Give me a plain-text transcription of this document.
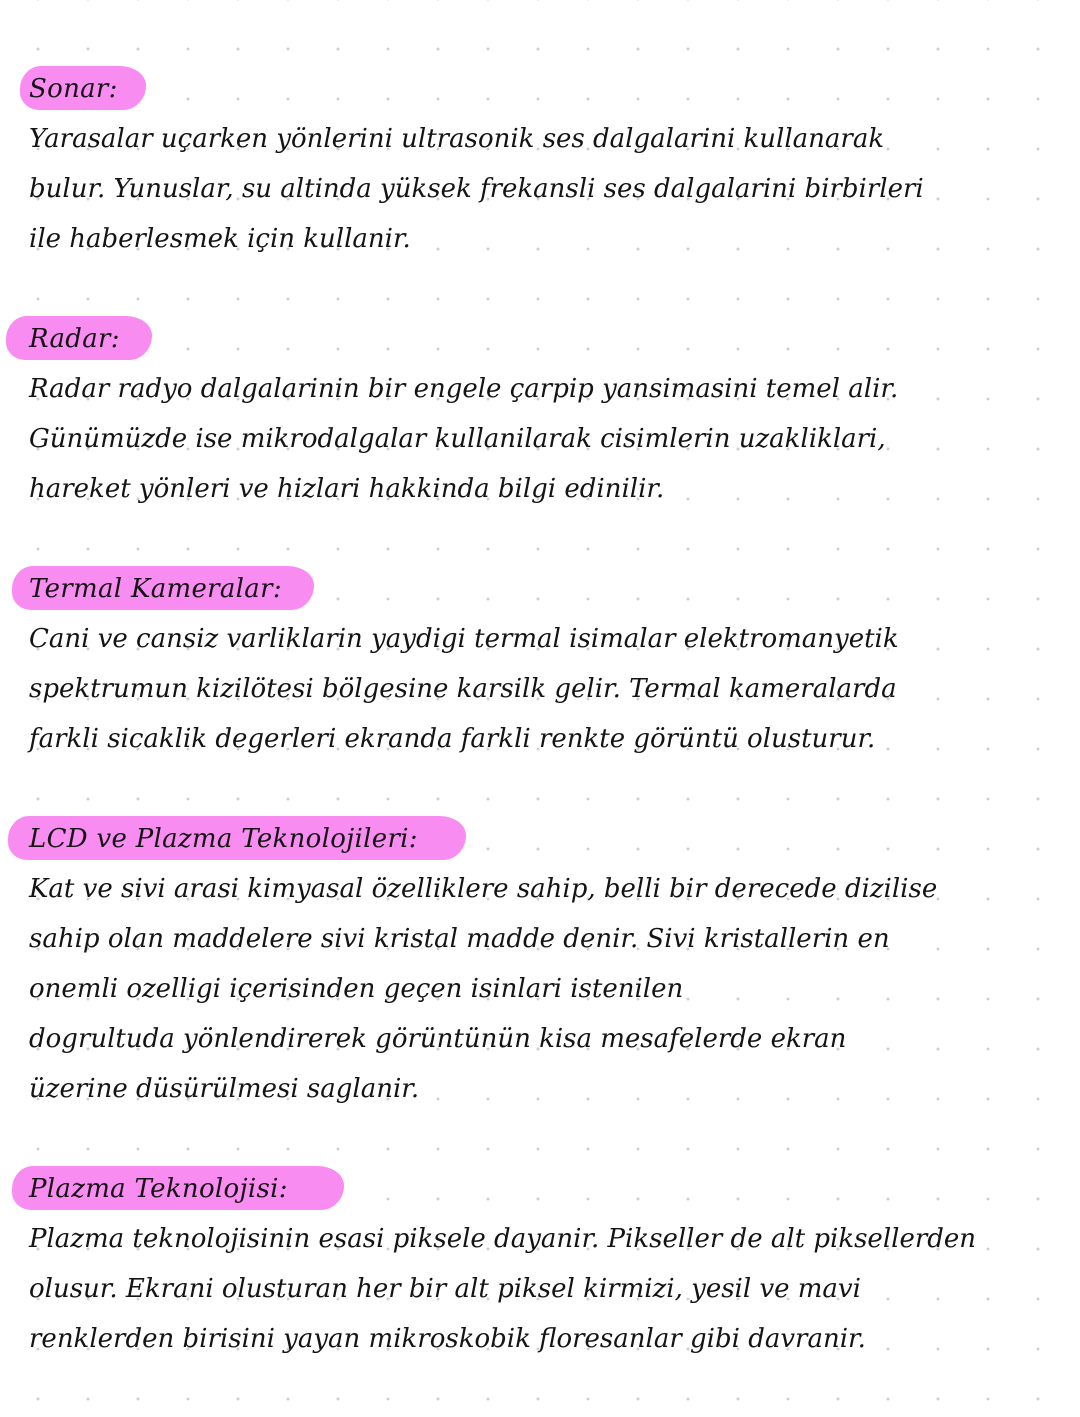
Sonar:
Yarasalar uçarken yönlerini ultrasonik ses dalgalarini kullanarak
bulur. Yunuslar, su altinda yüksek frekansli ses dalgalarini birbirleri
ile haberlesmek için kullanir.
Radar:
Radar radyo dalgalarinin bir engele çarpip yansimasini temel alir.
Günümüzde ise mikrodalgalar kullanilarak cisimlerin uzakliklari,
hareket yönleri ve hizlari hakkinda bilgi edinilir.
Termal Kameralar:
Cani ve cansiz varliklarin yaydigi termal isimalar elektromanyetik
spektrumun kizilötesi bölgesine karsilk gelir. Termal kameralarda
farkli sicaklik degerleri ekranda farkli renkte görüntü olusturur.
LCD ve Plazma Teknolojileri:
Kat ve sivi arasi kimyasal özelliklere sahip, belli bir derecede dizilise
sahip olan maddelere sivi kristal madde denir. Sivi kristallerin en
onemli ozelligi içerisinden geçen isinlari istenilen
dogrultuda yönlendirerek görüntünün kisa mesafelerde ekran
üzerine düsürülmesi saglanir.
Plazma Teknolojisi:
Plazma teknolojisinin esasi piksele dayanir. Pikseller de alt piksellerden
olusur. Ekrani olusturan her bir alt piksel kirmizi, yesil ve mavi
renklerden birisini yayan mikroskobik floresanlar gibi davranir.
